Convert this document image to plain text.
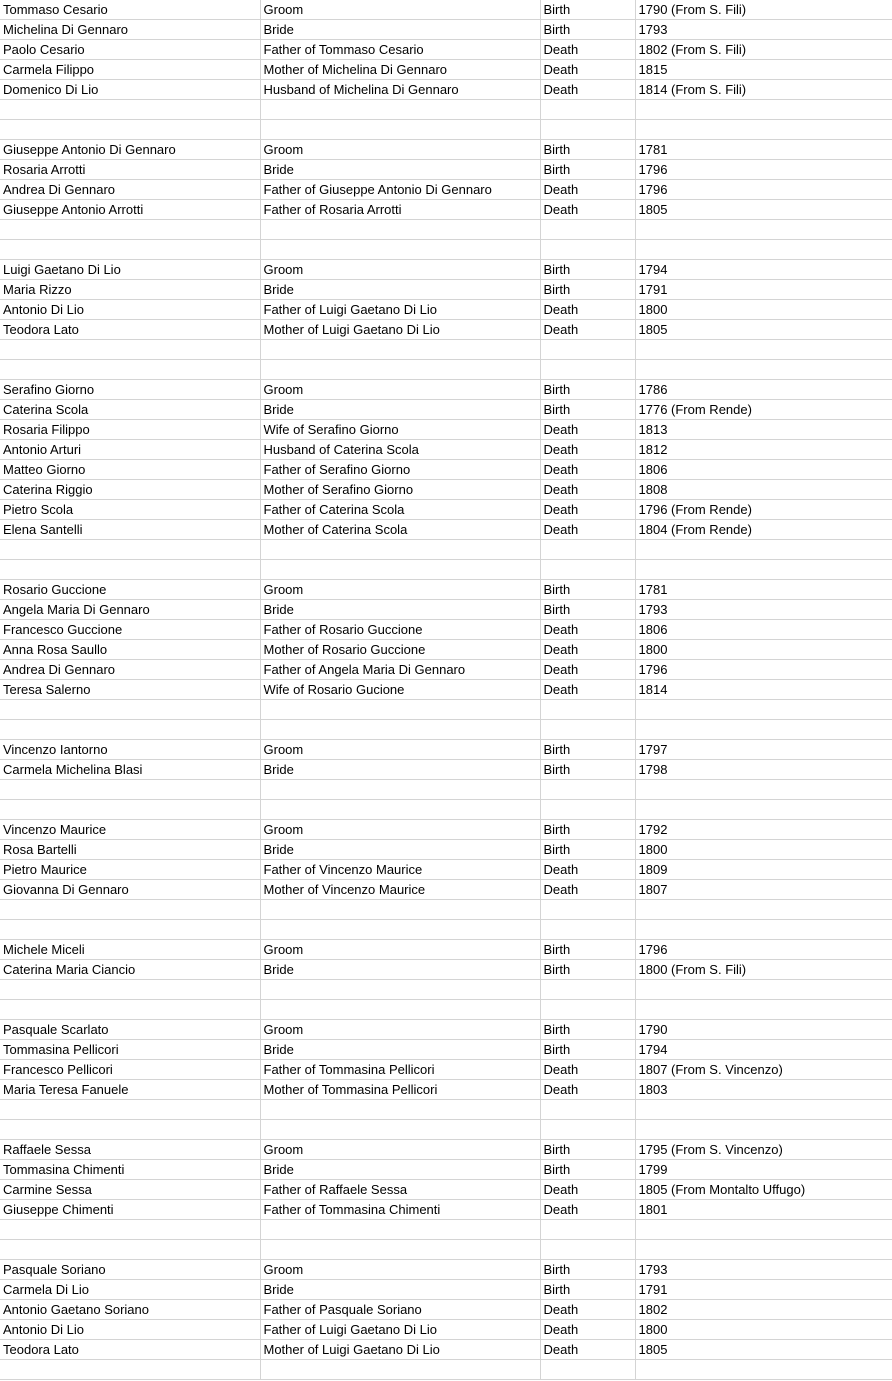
Tommaso Cesario	Groom	Birth	1790 (From S. Fili)
Michelina Di Gennaro	Bride	Birth	1793
Paolo Cesario	Father of Tommaso Cesario	Death	1802 (From S. Fili)
Carmela Filippo	Mother of Michelina Di Gennaro	Death	1815
Domenico Di Lio	Husband of Michelina Di Gennaro	Death	1814 (From S. Fili)

Giuseppe Antonio Di Gennaro	Groom	Birth	1781
Rosaria Arrotti	Bride	Birth	1796
Andrea Di Gennaro	Father of Giuseppe Antonio Di Gennaro	Death	1796
Giuseppe Antonio Arrotti	Father of Rosaria Arrotti	Death	1805

Luigi Gaetano Di Lio	Groom	Birth	1794
Maria Rizzo	Bride	Birth	1791
Antonio Di Lio	Father of Luigi Gaetano Di Lio	Death	1800
Teodora Lato	Mother of Luigi Gaetano Di Lio	Death	1805

Serafino Giorno	Groom	Birth	1786
Caterina Scola	Bride	Birth	1776 (From Rende)
Rosaria Filippo	Wife of Serafino Giorno	Death	1813
Antonio Arturi	Husband of Caterina Scola	Death	1812
Matteo Giorno	Father of Serafino Giorno	Death	1806
Caterina Riggio	Mother of Serafino Giorno	Death	1808
Pietro Scola	Father of Caterina Scola	Death	1796 (From Rende)
Elena Santelli	Mother of Caterina Scola	Death	1804 (From Rende)

Rosario Guccione	Groom	Birth	1781
Angela Maria Di Gennaro	Bride	Birth	1793
Francesco Guccione	Father of Rosario Guccione	Death	1806
Anna Rosa Saullo	Mother of Rosario Guccione	Death	1800
Andrea Di Gennaro	Father of Angela Maria Di Gennaro	Death	1796
Teresa Salerno	Wife of Rosario Gucione	Death	1814

Vincenzo Iantorno	Groom	Birth	1797
Carmela Michelina Blasi	Bride	Birth	1798

Vincenzo Maurice	Groom	Birth	1792
Rosa Bartelli	Bride	Birth	1800
Pietro Maurice	Father of Vincenzo Maurice	Death	1809
Giovanna Di Gennaro	Mother of Vincenzo Maurice	Death	1807

Michele Miceli	Groom	Birth	1796
Caterina Maria Ciancio	Bride	Birth	1800 (From S. Fili)

Pasquale Scarlato	Groom	Birth	1790
Tommasina Pellicori	Bride	Birth	1794
Francesco Pellicori	Father of Tommasina Pellicori	Death	1807 (From S. Vincenzo)
Maria Teresa Fanuele	Mother of Tommasina Pellicori	Death	1803

Raffaele Sessa	Groom	Birth	1795 (From S. Vincenzo)
Tommasina Chimenti	Bride	Birth	1799
Carmine Sessa	Father of Raffaele Sessa	Death	1805 (From Montalto Uffugo)
Giuseppe Chimenti	Father of Tommasina Chimenti	Death	1801

Pasquale Soriano	Groom	Birth	1793
Carmela Di Lio	Bride	Birth	1791
Antonio Gaetano Soriano	Father of Pasquale Soriano	Death	1802
Antonio Di Lio	Father of Luigi Gaetano Di Lio	Death	1800
Teodora Lato	Mother of Luigi Gaetano Di Lio	Death	1805
